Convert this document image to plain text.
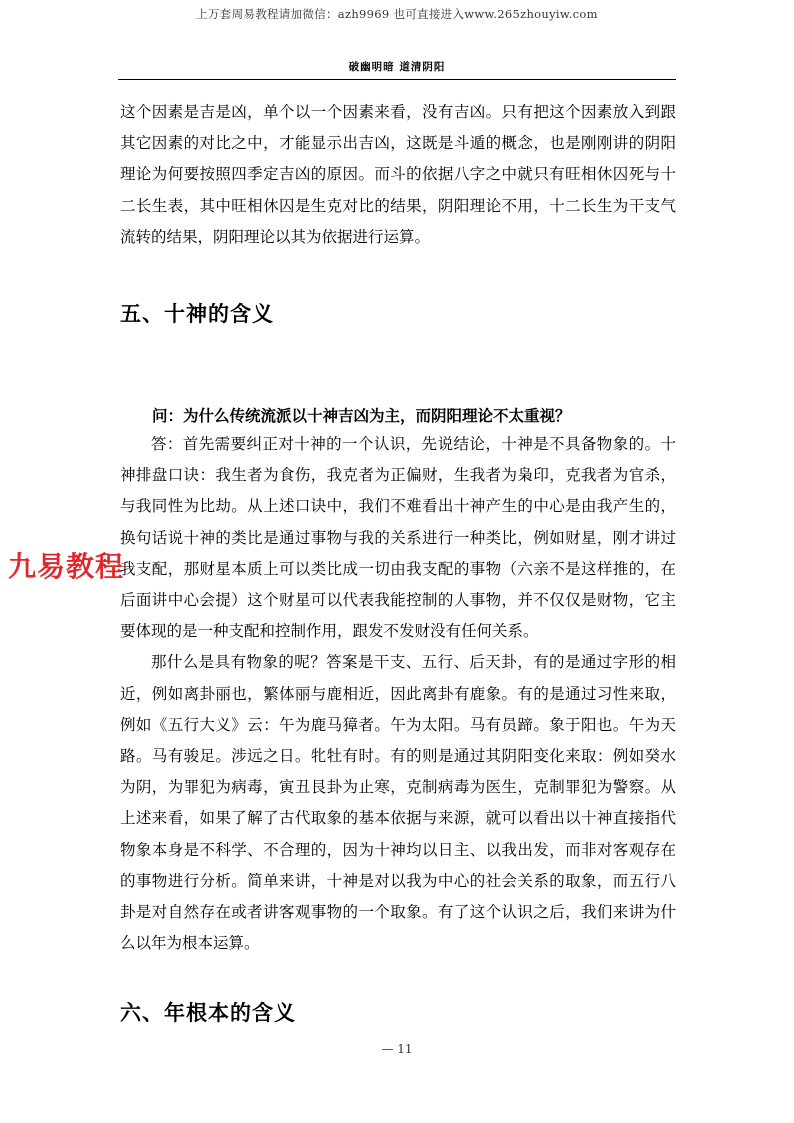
上万套周易教程请加微信：azh9969 也可直接进入www.265zhouyiw.com
破幽明暗 道清阴阳

这个因素是吉是凶，单个以一个因素来看，没有吉凶。只有把这个因素放入到跟其它因素的对比之中，才能显示出吉凶，这既是斗遁的概念，也是刚刚讲的阴阳理论为何要按照四季定吉凶的原因。而斗的依据八字之中就只有旺相休囚死与十二长生表，其中旺相休囚是生克对比的结果，阴阳理论不用，十二长生为干支气流转的结果，阴阳理论以其为依据进行运算。

五、十神的含义

问：为什么传统流派以十神吉凶为主，而阴阳理论不太重视？

答：首先需要纠正对十神的一个认识，先说结论，十神是不具备物象的。十神排盘口诀：我生者为食伤，我克者为正偏财，生我者为枭印，克我者为官杀，与我同性为比劫。从上述口诀中，我们不难看出十神产生的中心是由我产生的，换句话说十神的类比是通过事物与我的关系进行一种类比，例如财星，刚才讲过我支配，那财星本质上可以类比成一切由我支配的事物（六亲不是这样推的，在后面讲中心会提）这个财星可以代表我能控制的人事物，并不仅仅是财物，它主要体现的是一种支配和控制作用，跟发不发财没有任何关系。

那什么是具有物象的呢？答案是干支、五行、后天卦，有的是通过字形的相近，例如离卦丽也，繁体丽与鹿相近，因此离卦有鹿象。有的是通过习性来取，例如《五行大义》云：午为鹿马獐者。午为太阳。马有员蹄。象于阳也。午为天路。马有骏足。涉远之日。牝牡有时。有的则是通过其阴阳变化来取：例如癸水为阴，为罪犯为病毒，寅丑艮卦为止寒，克制病毒为医生，克制罪犯为警察。从上述来看，如果了解了古代取象的基本依据与来源，就可以看出以十神直接指代物象本身是不科学、不合理的，因为十神均以日主、以我出发，而非对客观存在的事物进行分析。简单来讲，十神是对以我为中心的社会关系的取象，而五行八卦是对自然存在或者讲客观事物的一个取象。有了这个认识之后，我们来讲为什么以年为根本运算。

六、年根本的含义
九易教程
— 11
